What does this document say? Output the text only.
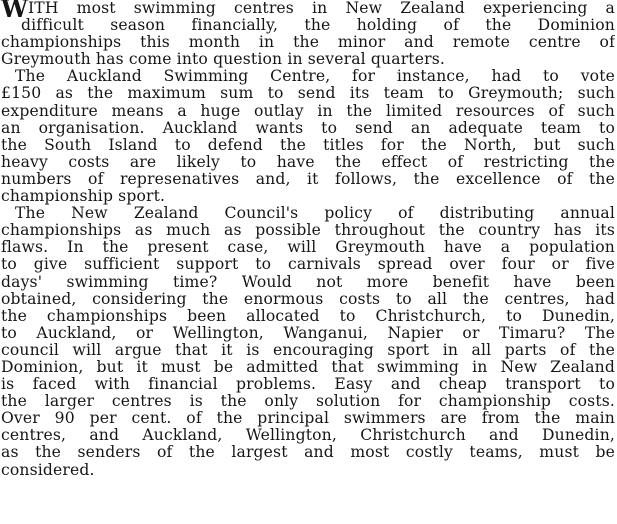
W ITH most swimming centres in New Zealand experiencing a
difficult season financially, the holding of the Dominion
championships this month in the minor and remote centre of
Greymouth has come into question in several quarters.

The Auckland Swimming Centre, for instance, had to vote
£150 as the maximum sum to send its team to Greymouth; such
expenditure means a huge outlay in the limited resources of such
an organisation. Auckland wants to send an adequate team to
the South Island to defend the titles for the North, but such
heavy costs are likely to have the effect of restricting the
numbers of represenatives and, it follows, the excellence of the
championship sport.

The New Zealand Council's policy of distributing annual
championships as much as possible throughout the country has its
flaws. In the present case, will Greymouth have a population
to give sufficient support to carnivals spread over four or five
days' swimming time? Would not more benefit have been
obtained, considering the enormous costs to all the centres, had
the championships been allocated to Christchurch, to Dunedin,
to Auckland, or Wellington, Wanganui, Napier or Timaru? The
council will argue that it is encouraging sport in all parts of the
Dominion, but it must be admitted that swimming in New Zealand
is faced with financial problems. Easy and cheap transport to
the larger centres is the only solution for championship costs.
Over 90 per cent. of the principal swimmers are from the main
centres, and Auckland, Wellington, Christchurch and Dunedin,
as the senders of the largest and most costly teams, must be
considered.
